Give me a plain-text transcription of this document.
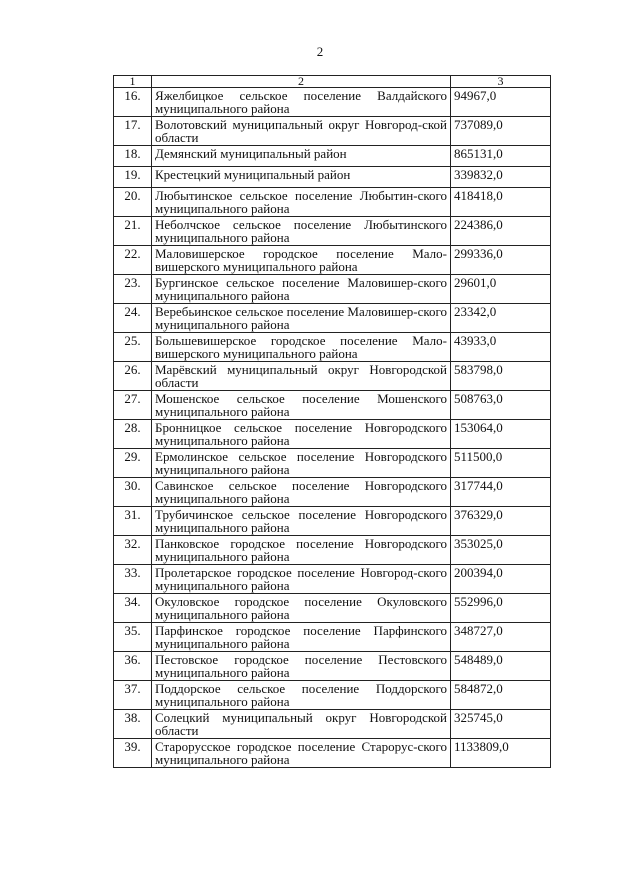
2
1	2	3
16.	Яжелбицкое сельское поселение Валдайского муниципального района	94967,0
17.	Волотовский муниципальный округ Новгород-ской области	737089,0
18.	Демянский муниципальный район	865131,0
19.	Крестецкий муниципальный район	339832,0
20.	Любытинское сельское поселение Любытин-ского муниципального района	418418,0
21.	Неболчское сельское поселение Любытинского муниципального района	224386,0
22.	Маловишерское городское поселение Мало-вишерского муниципального района	299336,0
23.	Бургинское сельское поселение Маловишер-ского муниципального района	29601,0
24.	Веребьинское сельское поселение Маловишер-ского муниципального района	23342,0
25.	Большевишерское городское поселение Мало-вишерского муниципального района	43933,0
26.	Марёвский муниципальный округ Новгородской области	583798,0
27.	Мошенское сельское поселение Мошенского муниципального района	508763,0
28.	Бронницкое сельское поселение Новгородского муниципального района	153064,0
29.	Ермолинское сельское поселение Новгородского муниципального района	511500,0
30.	Савинское сельское поселение Новгородского муниципального района	317744,0
31.	Трубичинское сельское поселение Новгородского муниципального района	376329,0
32.	Панковское городское поселение Новгородского муниципального района	353025,0
33.	Пролетарское городское поселение Новгород-ского муниципального района	200394,0
34.	Окуловское городское поселение Окуловского муниципального района	552996,0
35.	Парфинское городское поселение Парфинского муниципального района	348727,0
36.	Пестовское городское поселение Пестовского муниципального района	548489,0
37.	Поддорское сельское поселение Поддорского муниципального района	584872,0
38.	Солецкий муниципальный округ Новгородской области	325745,0
39.	Старорусское городское поселение Староруc-ского муниципального района	1133809,0
